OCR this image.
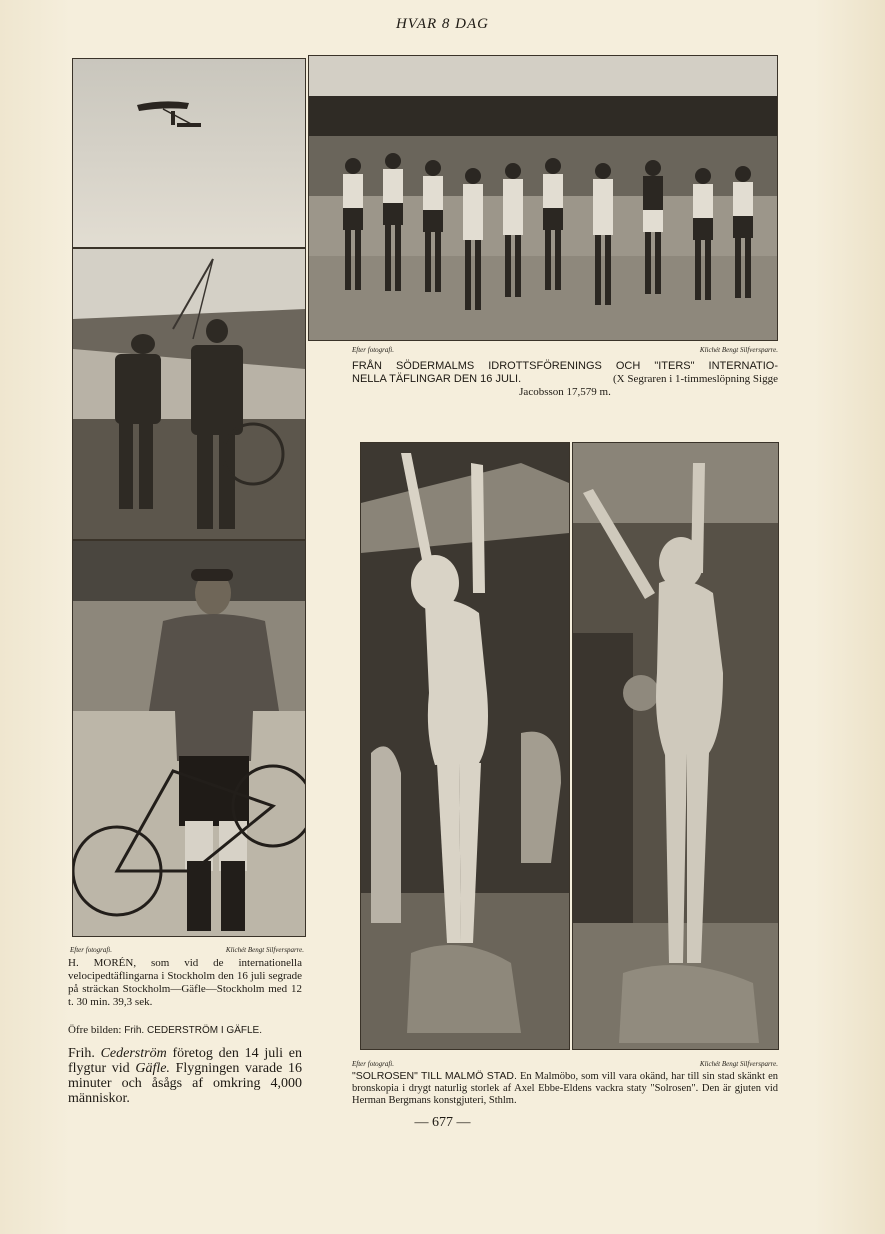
HVAR 8 DAG
Efter fotografi.	Klichét Bengt Silfversparre.
FRÅN SÖDERMALMS IDROTTSFÖRENINGS OCH "ITERS" INTERNATIO-
NELLA TÄFLINGAR DEN 16 JULI.	(X Segraren i 1-timmeslöpning Sigge
Jacobsson 17,579 m.
Efter fotografi.	Klichét Bengt Silfversparre.
H. MORÉN, som vid de internationella velocipedtäflingarna i Stockholm den 16 juli segrade på sträckan Stockholm—Gäfle—Stockholm med 12 t. 30 min. 39,3 sek.
Öfre bilden: Frih. CEDERSTRÖM I GÄFLE.
Frih. Cederström företog den 14 juli en flygtur vid Gäfle. Flygningen varade 16 minuter och åsågs af omkring 4,000 människor.
Efter fotografi.	Klichét Bengt Silfversparre.
"SOLROSEN" TILL MALMÖ STAD. En Malmöbo, som vill vara okänd, har till sin stad skänkt en bronskopia i drygt naturlig storlek af Axel Ebbe-Eldens vackra staty "Solrosen". Den är gjuten vid Herman Bergmans konstgjuteri, Sthlm.
— 677 —
